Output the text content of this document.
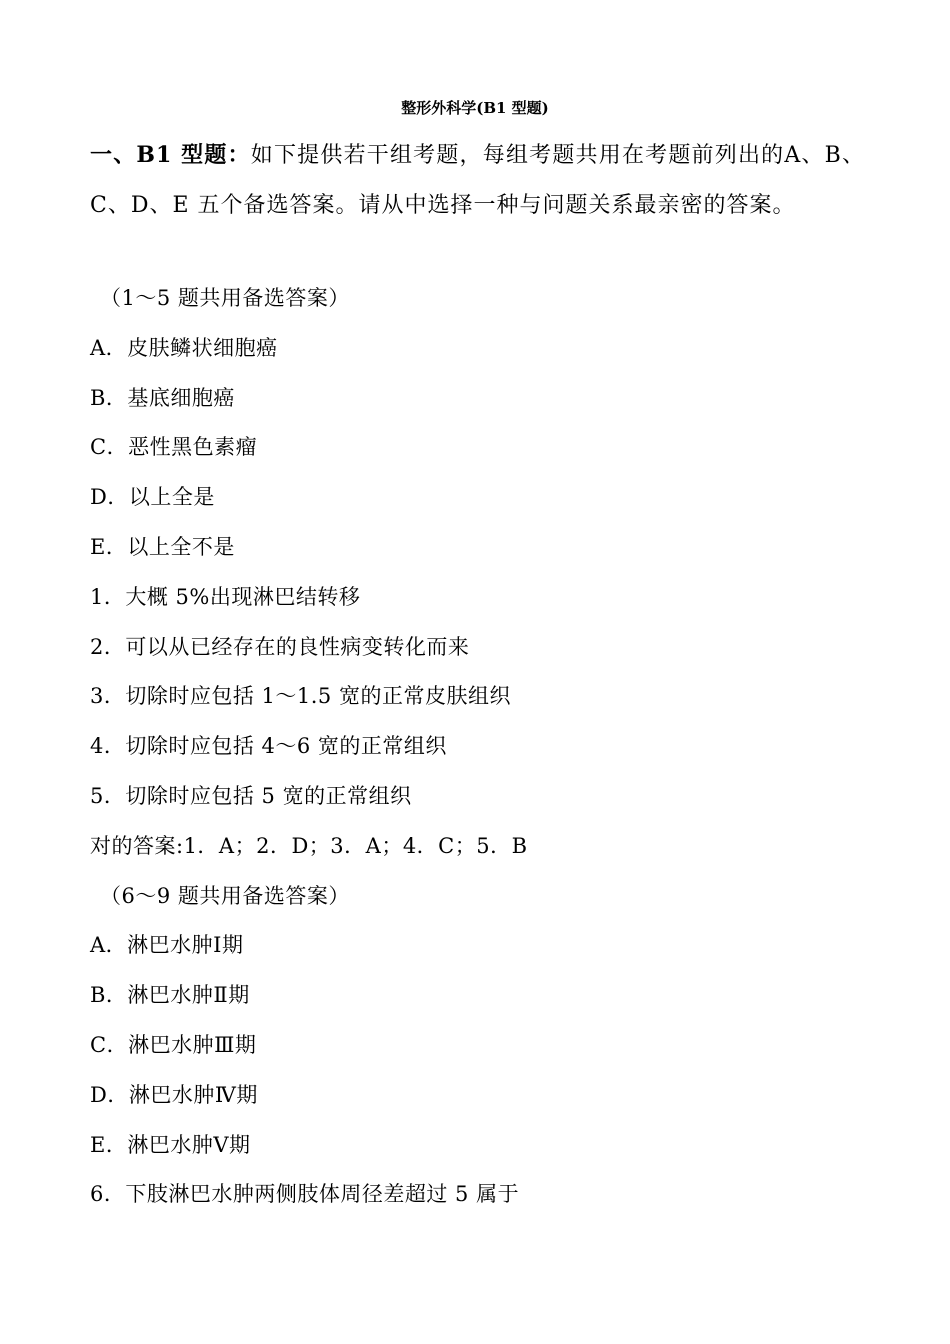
整形外科学(B1 型题)
一、B1 型题：如下提供若干组考题，每组考题共用在考题前列出的A、B、C、D、E 五个备选答案。请从中选择一种与问题关系最亲密的答案。
（1～5 题共用备选答案）
A．皮肤鳞状细胞癌
B．基底细胞癌
C．恶性黑色素瘤
D．以上全是
E．以上全不是
1．大概 5%出现淋巴结转移
2．可以从已经存在的良性病变转化而来
3．切除时应包括 1～1.5 宽的正常皮肤组织
4．切除时应包括 4～6 宽的正常组织
5．切除时应包括 5 宽的正常组织
对的答案:1．A；2．D；3．A；4．C；5．B
（6～9 题共用备选答案）
A．淋巴水肿Ⅰ期
B．淋巴水肿Ⅱ期
C．淋巴水肿Ⅲ期
D．淋巴水肿Ⅳ期
E．淋巴水肿Ⅴ期
6．下肢淋巴水肿两侧肢体周径差超过 5 属于
